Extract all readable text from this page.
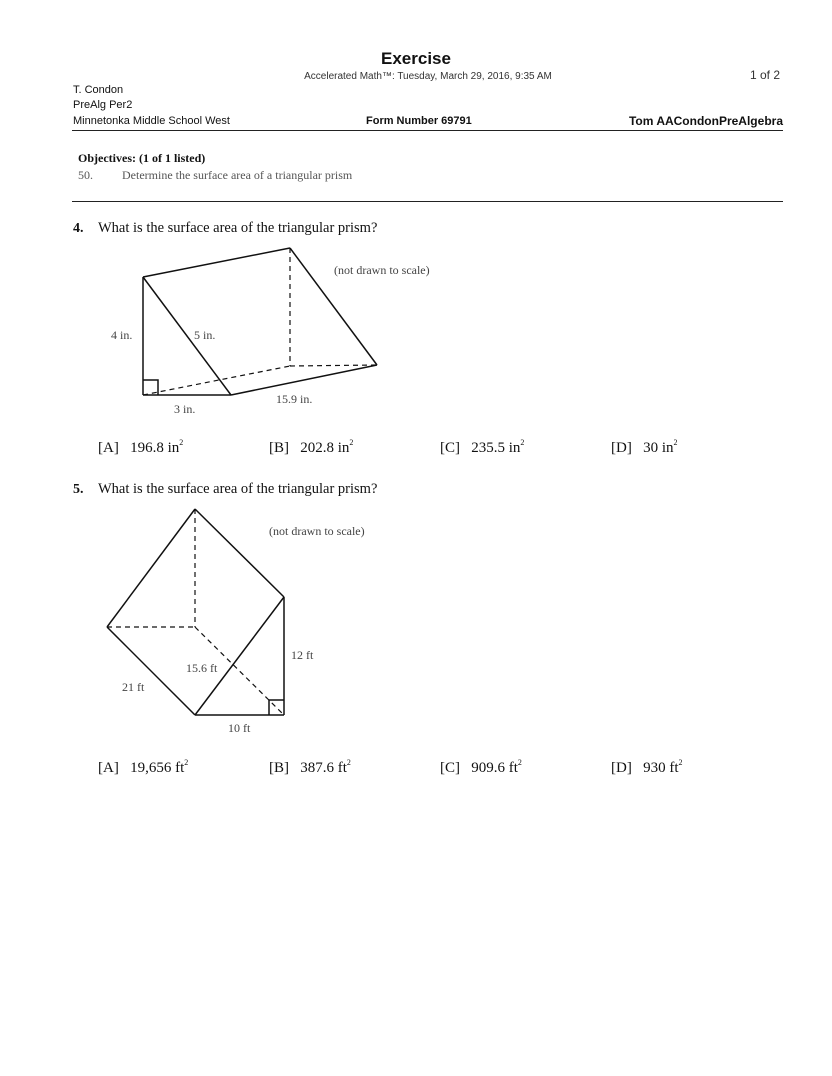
Exercise
Accelerated Math™: Tuesday, March 29, 2016, 9:35 AM	1 of 2
T. Condon
PreAlg Per2
Minnetonka Middle School West	Form Number 69791	Tom AACondonPreAlgebra
Objectives: (1 of 1 listed)
50. Determine the surface area of a triangular prism
4. What is the surface area of the triangular prism?
(not drawn to scale)
4 in.	5 in.
3 in.
15.9 in.
[A] 196.8 $in^2$	[B] 202.8 $in^2$	[C] 235.5 $in^2$	[D] 30 $in^2$
5. What is the surface area of the triangular prism?
(not drawn to scale)
15.6 ft
12 ft
21 ft
10 ft
[A] 19,656 $ft^2$	[B] 387.6 $ft^2$	[C] 909.6 $ft^2$	[D] 930 $ft^2$
